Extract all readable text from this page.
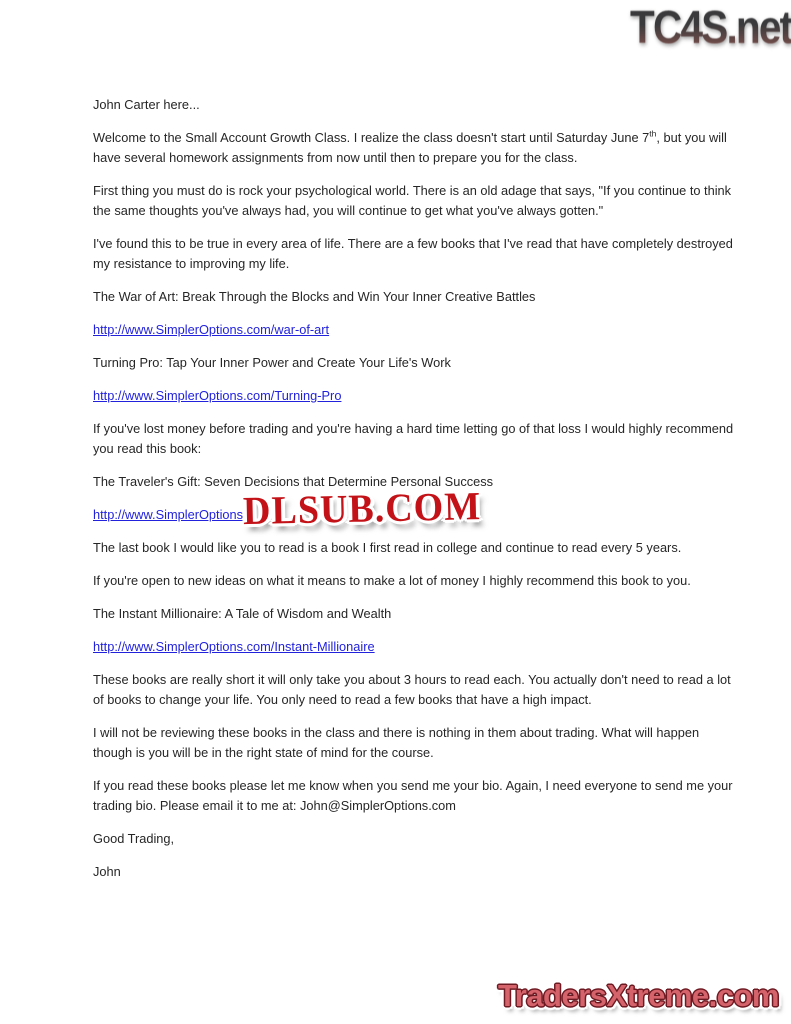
TC4S.net

John Carter here...

Welcome to the Small Account Growth Class. I realize the class doesn't start until Saturday June 7th, but you will have several homework assignments from now until then to prepare you for the class.

First thing you must do is rock your psychological world. There is an old adage that says, "If you continue to think the same thoughts you've always had, you will continue to get what you've always gotten."

I've found this to be true in every area of life. There are a few books that I've read that have completely destroyed my resistance to improving my life.

The War of Art: Break Through the Blocks and Win Your Inner Creative Battles

http://www.SimplerOptions.com/war-of-art

Turning Pro: Tap Your Inner Power and Create Your Life's Work

http://www.SimplerOptions.com/Turning-Pro

If you've lost money before trading and you're having a hard time letting go of that loss I would highly recommend you read this book:

The Traveler's Gift: Seven Decisions that Determine Personal Success

http://www.SimplerOptions.

The last book I would like you to read is a book I first read in college and continue to read every 5 years.

If you're open to new ideas on what it means to make a lot of money I highly recommend this book to you.

The Instant Millionaire: A Tale of Wisdom and Wealth

http://www.SimplerOptions.com/Instant-Millionaire

These books are really short it will only take you about 3 hours to read each. You actually don't need to read a lot of books to change your life. You only need to read a few books that have a high impact.

I will not be reviewing these books in the class and there is nothing in them about trading. What will happen though is you will be in the right state of mind for the course.

If you read these books please let me know when you send me your bio. Again, I need everyone to send me your trading bio. Please email it to me at: John@SimplerOptions.com

Good Trading,

John

DLSUB.COM
TradersXtreme.com
